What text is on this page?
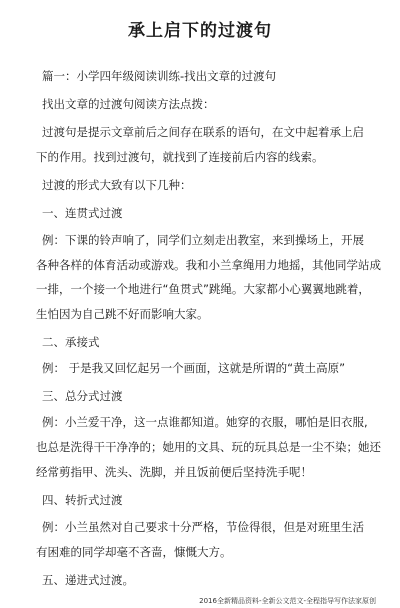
承上启下的过渡句
篇一：小学四年级阅读训练-找出文章的过渡句
找出文章的过渡句阅读方法点拨：
过渡句是提示文章前后之间存在联系的语句，在文中起着承上启
下的作用。找到过渡句，就找到了连接前后内容的线索。
过渡的形式大致有以下几种：
一、连贯式过渡
例：下课的铃声响了，同学们立刻走出教室，来到操场上，开展
各种各样的体育活动或游戏。我和小兰拿绳用力地摇，其他同学站成
一排，一个接一个地进行“鱼贯式”跳绳。大家都小心翼翼地跳着，
生怕因为自己跳不好而影响大家。
二、承接式
例： 于是我又回忆起另一个画面，这就是所谓的“黄土高原”
三、总分式过渡
例：小兰爱干净，这一点谁都知道。她穿的衣服，哪怕是旧衣服,
也总是洗得干干净净的；她用的文具、玩的玩具总是一尘不染；她还
经常剪指甲、洗头、洗脚，并且饭前便后坚持洗手呢！
四、转折式过渡
例：小兰虽然对自己要求十分严格，节俭得很，但是对班里生活
有困难的同学却毫不吝啬，慷慨大方。
五、递进式过渡。
2016全新精品资料-全新公文范文-全程指导写作法家原创
